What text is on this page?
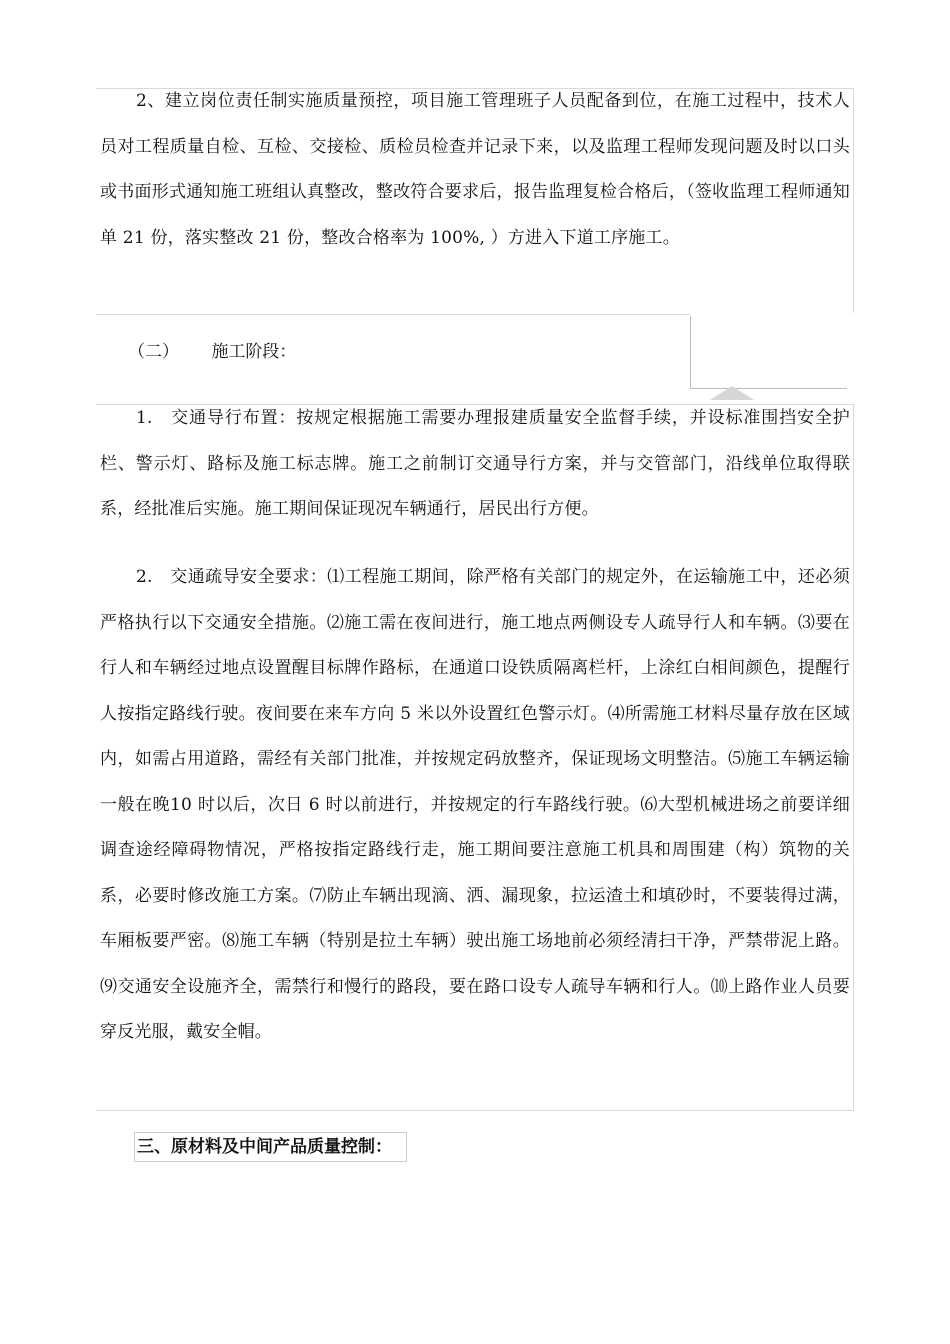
2、建立岗位责任制实施质量预控，项目施工管理班子人员配备到位，在施工过程中，技术人员对工程质量自检、互检、交接检、质检员检查并记录下来，以及监理工程师发现问题及时以口头或书面形式通知施工班组认真整改，整改符合要求后，报告监理复检合格后，（签收监理工程师通知单 21 份，落实整改 21 份，整改合格率为 100%, ）方进入下道工序施工。
（二） 施工阶段：
1.　交通导行布置：按规定根据施工需要办理报建质量安全监督手续，并设标准围挡安全护栏、警示灯、路标及施工标志牌。施工之前制订交通导行方案，并与交管部门，沿线单位取得联系，经批准后实施。施工期间保证现况车辆通行，居民出行方便。
2.　交通疏导安全要求：⑴工程施工期间，除严格有关部门的规定外，在运输施工中，还必须严格执行以下交通安全措施。⑵施工需在夜间进行，施工地点两侧设专人疏导行人和车辆。⑶要在行人和车辆经过地点设置醒目标牌作路标，在通道口设铁质隔离栏杆，上涂红白相间颜色，提醒行人按指定路线行驶。夜间要在来车方向 5 米以外设置红色警示灯。⑷所需施工材料尽量存放在区域内，如需占用道路，需经有关部门批准，并按规定码放整齐，保证现场文明整洁。⑸施工车辆运输一般在晚10 时以后，次日 6 时以前进行，并按规定的行车路线行驶。⑹大型机械进场之前要详细调查途经障碍物情况，严格按指定路线行走，施工期间要注意施工机具和周围建（构）筑物的关系，必要时修改施工方案。⑺防止车辆出现滴、洒、漏现象，拉运渣土和填砂时，不要装得过满，车厢板要严密。⑻施工车辆（特别是拉土车辆）驶出施工场地前必须经清扫干净，严禁带泥上路。⑼交通安全设施齐全，需禁行和慢行的路段，要在路口设专人疏导车辆和行人。⑽上路作业人员要穿反光服，戴安全帽。
三、原材料及中间产品质量控制：
